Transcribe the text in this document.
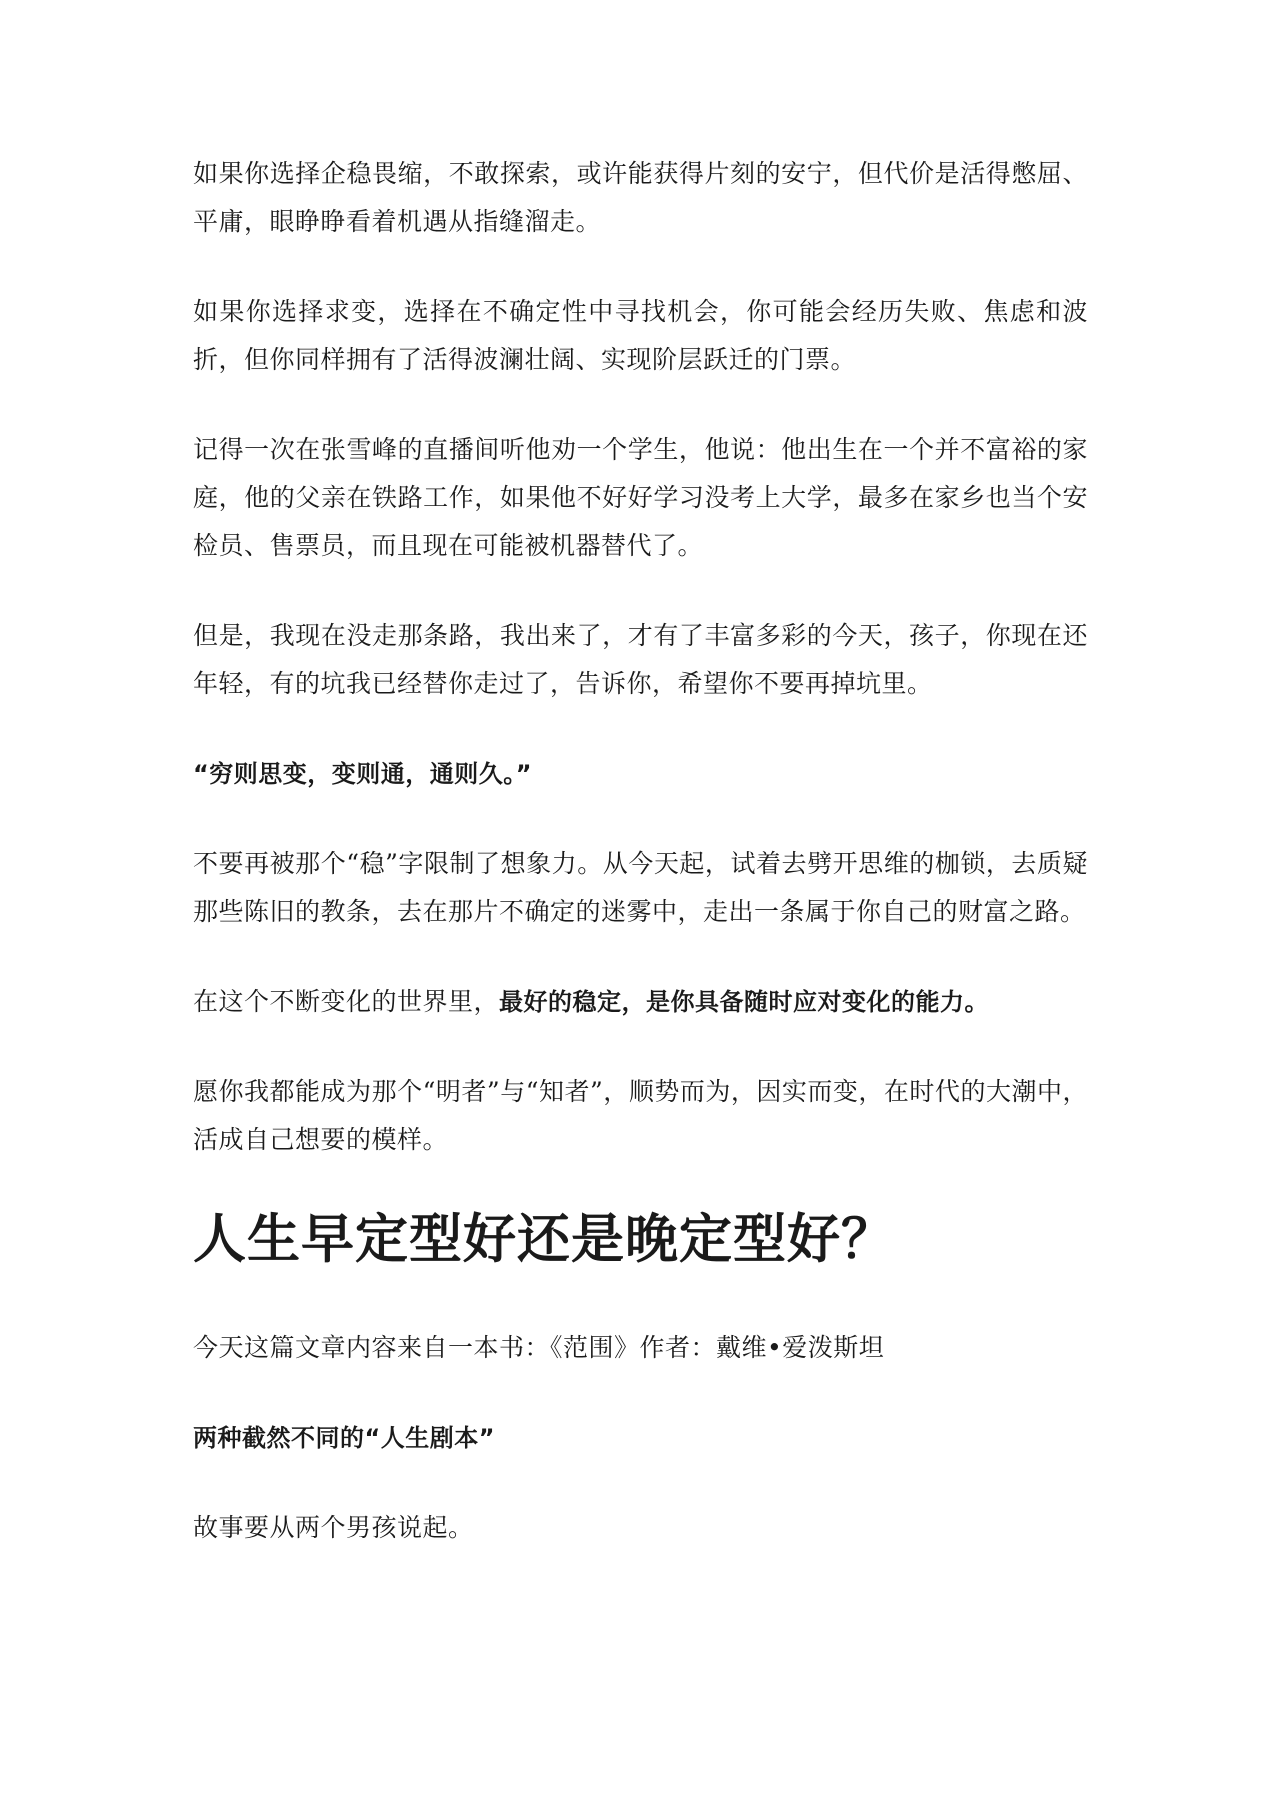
如果你选择企稳畏缩，不敢探索，或许能获得片刻的安宁，但代价是活得憋屈、平庸，眼睁睁看着机遇从指缝溜走。

如果你选择求变，选择在不确定性中寻找机会，你可能会经历失败、焦虑和波折，但你同样拥有了活得波澜壮阔、实现阶层跃迁的门票。

记得一次在张雪峰的直播间听他劝一个学生，他说：他出生在一个并不富裕的家庭，他的父亲在铁路工作，如果他不好好学习没考上大学，最多在家乡也当个安检员、售票员，而且现在可能被机器替代了。

但是，我现在没走那条路，我出来了，才有了丰富多彩的今天，孩子，你现在还年轻，有的坑我已经替你走过了，告诉你，希望你不要再掉坑里。

“穷则思变，变则通，通则久。”

不要再被那个“稳”字限制了想象力。从今天起，试着去劈开思维的枷锁，去质疑那些陈旧的教条，去在那片不确定的迷雾中，走出一条属于你自己的财富之路。

在这个不断变化的世界里，最好的稳定，是你具备随时应对变化的能力。

愿你我都能成为那个“明者”与“知者”，顺势而为，因实而变，在时代的大潮中，活成自己想要的模样。

人生早定型好还是晚定型好？

今天这篇文章内容来自一本书：《范围》作者：戴维•爱泼斯坦

两种截然不同的“人生剧本”

故事要从两个男孩说起。
